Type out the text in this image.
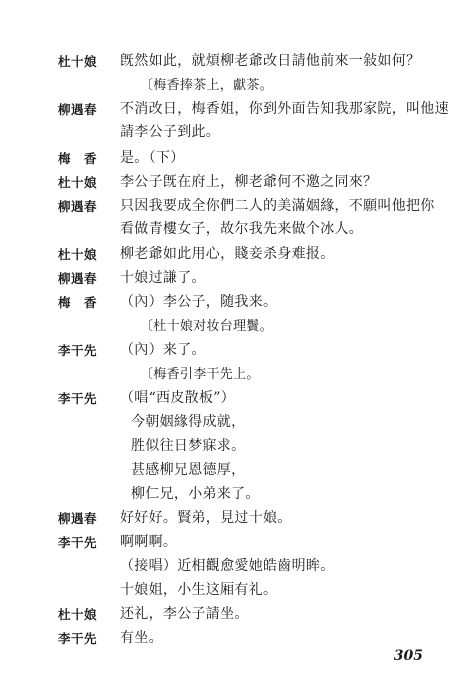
杜十娘 旣然如此，就煩柳老爺改日請他前來一敍如何？
〔梅香捧茶上，獻茶。
柳遇春 不消改日，梅香姐，你到外面告知我那家院，叫他速
請李公子到此。
梅　香 是。（下）
杜十娘 李公子旣在府上，柳老爺何不邀之同來？
柳遇春 只因我要成全你們二人的美滿姻緣，不願叫他把你
看做青樓女子，故尔我先来做个冰人。
杜十娘 柳老爺如此用心，賤妾杀身难报。
柳遇春 十娘过謙了。
梅　香 （內）李公子，随我来。
〔杜十娘对妆台理鬢。
李干先 （內）来了。
〔梅香引李干先上。
李干先 （唱“西皮散板”）
今朝姻緣得成就，
胜似往日梦寐求。
甚感柳兄恩德厚，
柳仁兄，小弟来了。
柳遇春 好好好。賢弟，見过十娘。
李干先 啊啊啊。
（接唱）近相觀愈愛她皓齒明眸。
十娘姐，小生这厢有礼。
杜十娘 还礼，李公子請坐。
李干先 有坐。
305
